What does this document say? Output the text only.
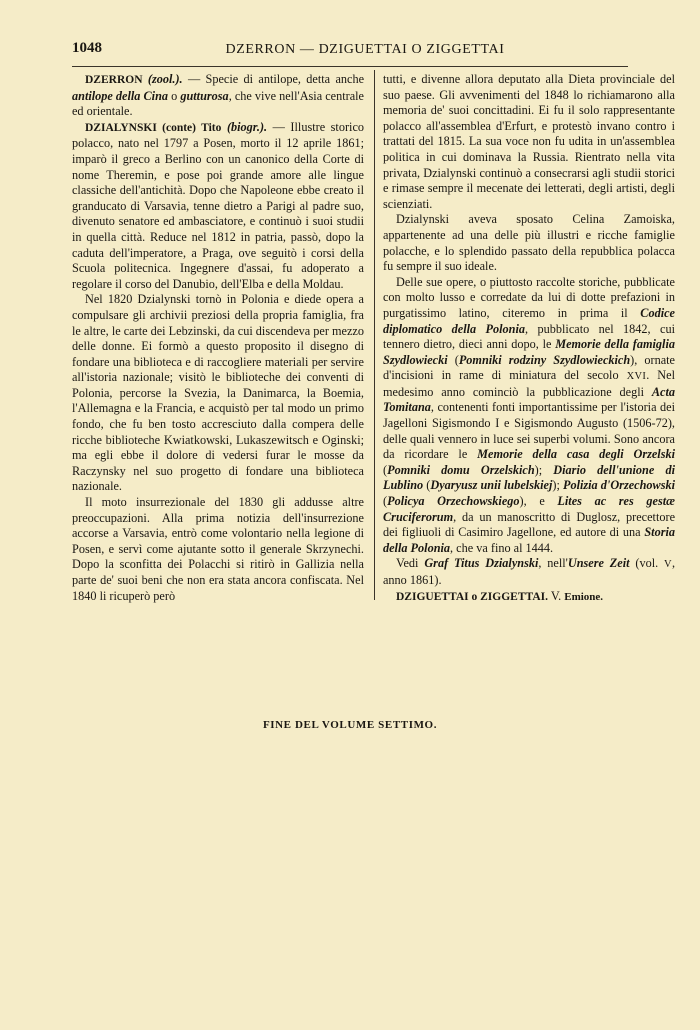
1048	DZERRON — DZIGUETTAI O ZIGGETTAI

DZERRON (zool.). — Specie di antilope, detta anche antilope della Cina o gutturosa, che vive nell'Asia centrale ed orientale.

DZIALYNSKI (conte) Tito (biogr.). — Illustre storico polacco, nato nel 1797 a Posen, morto il 12 aprile 1861; imparò il greco a Berlino con un canonico della Corte di nome Theremin, e pose poi grande amore alle lingue classiche dell'antichità. Dopo che Napoleone ebbe creato il granducato di Varsavia, tenne dietro a Parigi al padre suo, divenuto senatore ed ambasciatore, e continuò i suoi studii in quella città. Reduce nel 1812 in patria, passò, dopo la caduta dell'imperatore, a Praga, ove seguitò i corsi della Scuola politecnica. Ingegnere d'assai, fu adoperato a regolare il corso del Danubio, dell'Elba e della Moldau.

Nel 1820 Dzialynski tornò in Polonia e diede opera a compulsare gli archivii preziosi della propria famiglia, fra le altre, le carte dei Lebzinski, da cui discendeva per mezzo delle donne. Ei formò a questo proposito il disegno di fondare una biblioteca e di raccogliere materiali per servire all'istoria nazionale; visitò le biblioteche dei conventi di Polonia, percorse la Svezia, la Danimarca, la Boemia, l'Allemagna e la Francia, e acquistò per tal modo un primo fondo, che fu ben tosto accresciuto dalla compera delle ricche biblioteche Kwiatkowski, Lukaszewitsch e Oginski; ma egli ebbe il dolore di vedersi furar le mosse da Raczynsky nel suo progetto di fondare una biblioteca nazionale.

Il moto insurrezionale del 1830 gli addusse altre preoccupazioni. Alla prima notizia dell'insurrezione accorse a Varsavia, entrò come volontario nella legione di Posen, e servì come ajutante sotto il generale Skrzynechi. Dopo la sconfitta dei Polacchi si ritirò in Gallizia nella parte de' suoi beni che non era stata ancora confiscata. Nel 1840 li ricuperò però

tutti, e divenne allora deputato alla Dieta provinciale del suo paese. Gli avvenimenti del 1848 lo richiamarono alla memoria de' suoi concittadini. Ei fu il solo rappresentante polacco all'assemblea d'Erfurt, e protestò invano contro i trattati del 1815. La sua voce non fu udita in un'assemblea politica in cui dominava la Russia. Rientrato nella vita privata, Dzialynski continuò a consecrarsi agli studii storici e rimase sempre il mecenate dei letterati, degli artisti, degli scienziati.

Dzialynski aveva sposato Celina Zamoiska, appartenente ad una delle più illustri e ricche famiglie polacche, e lo splendido passato della repubblica polacca fu sempre il suo ideale.

Delle sue opere, o piuttosto raccolte storiche, pubblicate con molto lusso e corredate da lui di dotte prefazioni in purgatissimo latino, citeremo in prima il Codice diplomatico della Polonia, pubblicato nel 1842, cui tennero dietro, dieci anni dopo, le Memorie della famiglia Szydlowiecki (Pomniki rodziny Szydlowieckich), ornate d'incisioni in rame di miniatura del secolo XVI. Nel medesimo anno cominciò la pubblicazione degli Acta Tomitana, contenenti fonti importantissime per l'istoria dei Jagelloni Sigismondo I e Sigismondo Augusto (1506-72), delle quali vennero in luce sei superbi volumi. Sono ancora da ricordare le Memorie della casa degli Orzelski (Pomniki domu Orzelskich); Diario dell'unione di Lublino (Dyaryusz unii lubelskiej); Polizia d'Orzechowski (Policya Orzechowskiego), e Lites ac res gestæ Cruciferorum, da un manoscritto di Duglosz, precettore dei figliuoli di Casimiro Jagellone, ed autore di una Storia della Polonia, che va fino al 1444.

Vedi Graf Titus Dzialynski, nell'Unsere Zeit (vol. V, anno 1861).

DZIGUETTAI o ZIGGETTAI. V. Emione.

FINE DEL VOLUME SETTIMO.
